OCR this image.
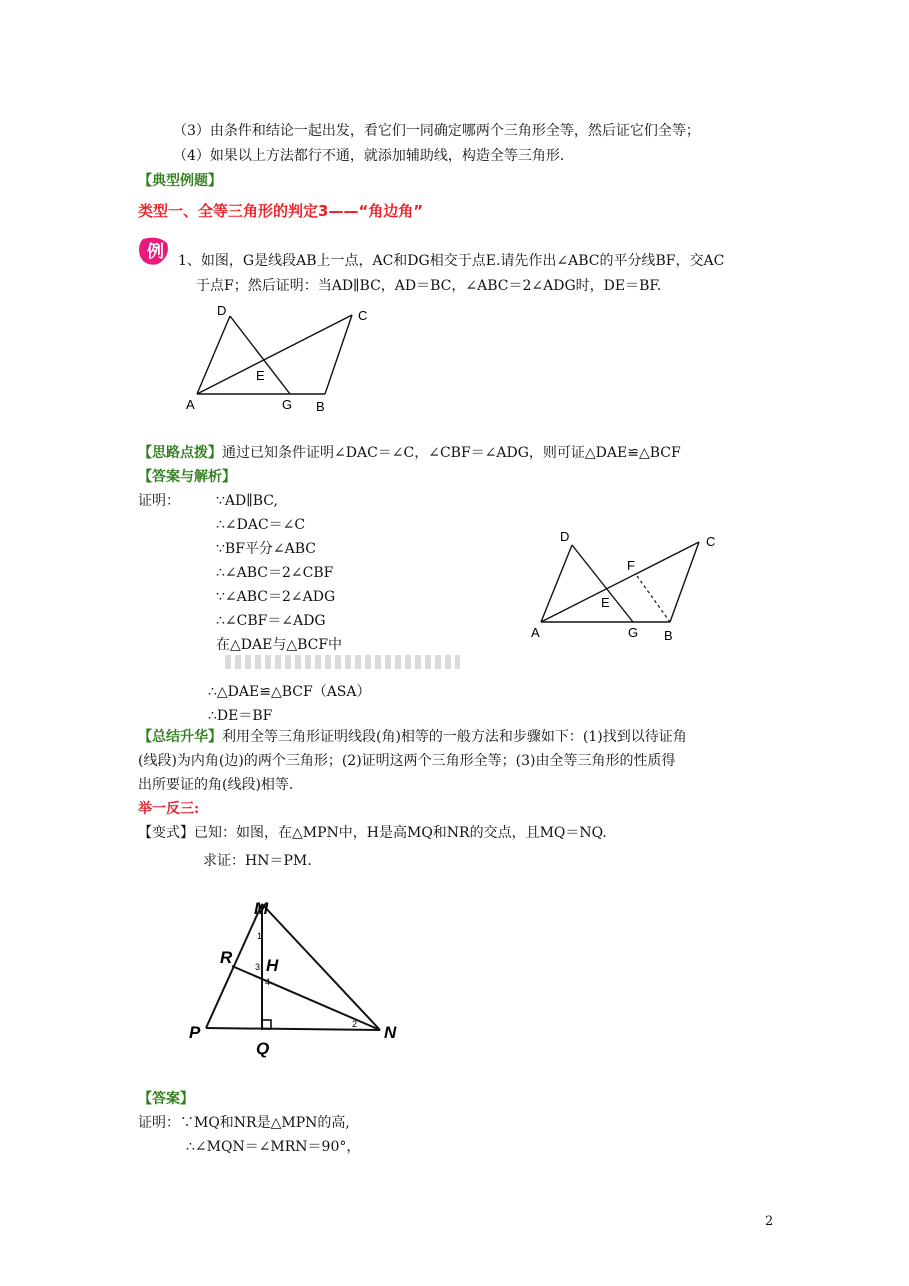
（3）由条件和结论一起出发，看它们一同确定哪两个三角形全等，然后证它们全等；
（4）如果以上方法都行不通，就添加辅助线，构造全等三角形.
【典型例题】
类型一、全等三角形的判定3——“角边角”
例 1、如图，G是线段AB上一点，AC和DG相交于点E.请先作出∠ABC的平分线BF，交AC
于点F；然后证明：当AD∥BC，AD＝BC，∠ABC＝2∠ADG时，DE＝BF.
D	C
E
A	G B
【思路点拨】通过已知条件证明∠DAC＝∠C，∠CBF＝∠ADG，则可证△DAE≌△BCF
【答案与解析】
证明：	∵AD∥BC,
∴∠DAC＝∠C
∵BF平分∠ABC
∴∠ABC＝2∠CBF
∵∠ABC＝2∠ADG
∴∠CBF＝∠ADG
在△DAE与△BCF中
∴△DAE≌△BCF（ASA）
∴DE＝BF
D	C
F
E
A	G B
【总结升华】利用全等三角形证明线段(角)相等的一般方法和步骤如下：(1)找到以待证角
(线段)为内角(边)的两个三角形；(2)证明这两个三角形全等；(3)由全等三角形的性质得
出所要证的角(线段)相等.
举一反三:
【变式】已知：如图，在△MPN中，H是高MQ和NR的交点，且MQ＝NQ.
求证：HN＝PM.
M
R H
P
Q
N
1
2
3
4
【答案】
证明：∵MQ和NR是△MPN的高,
∴∠MQN＝∠MRN＝90°，
2
